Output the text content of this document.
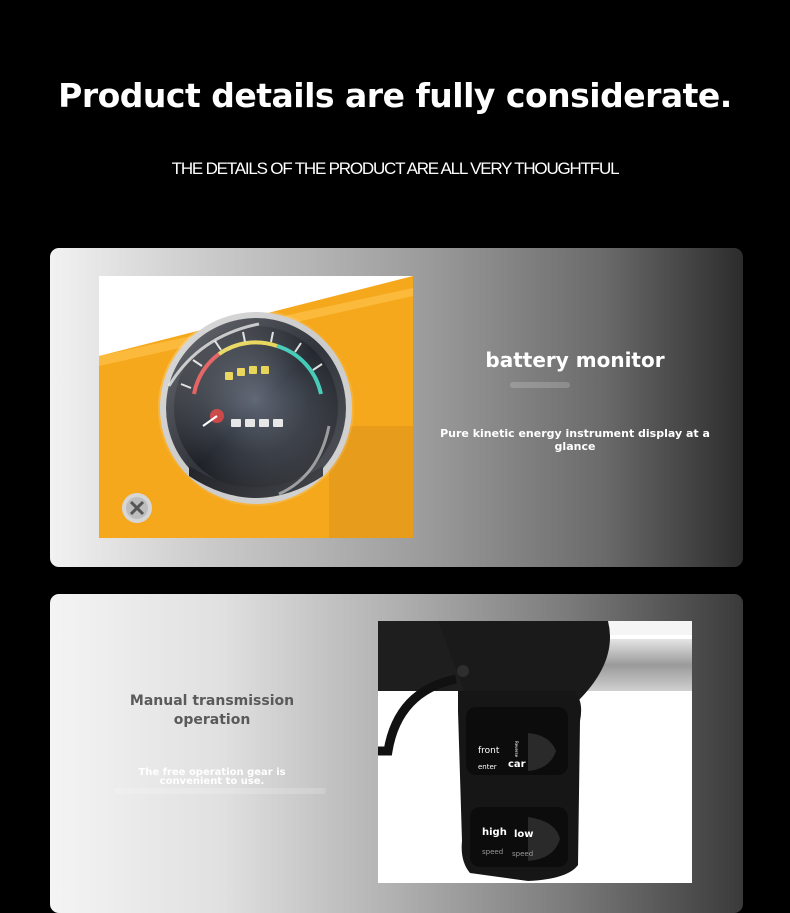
Product details are fully considerate.

THE DETAILS OF THE PRODUCT ARE ALL VERY THOUGHTFUL

battery monitor

Pure kinetic energy instrument display at a glance

Manual transmission operation

The free operation gear is convenient to use.

front
enter car
Reverse
high low
speed speed
